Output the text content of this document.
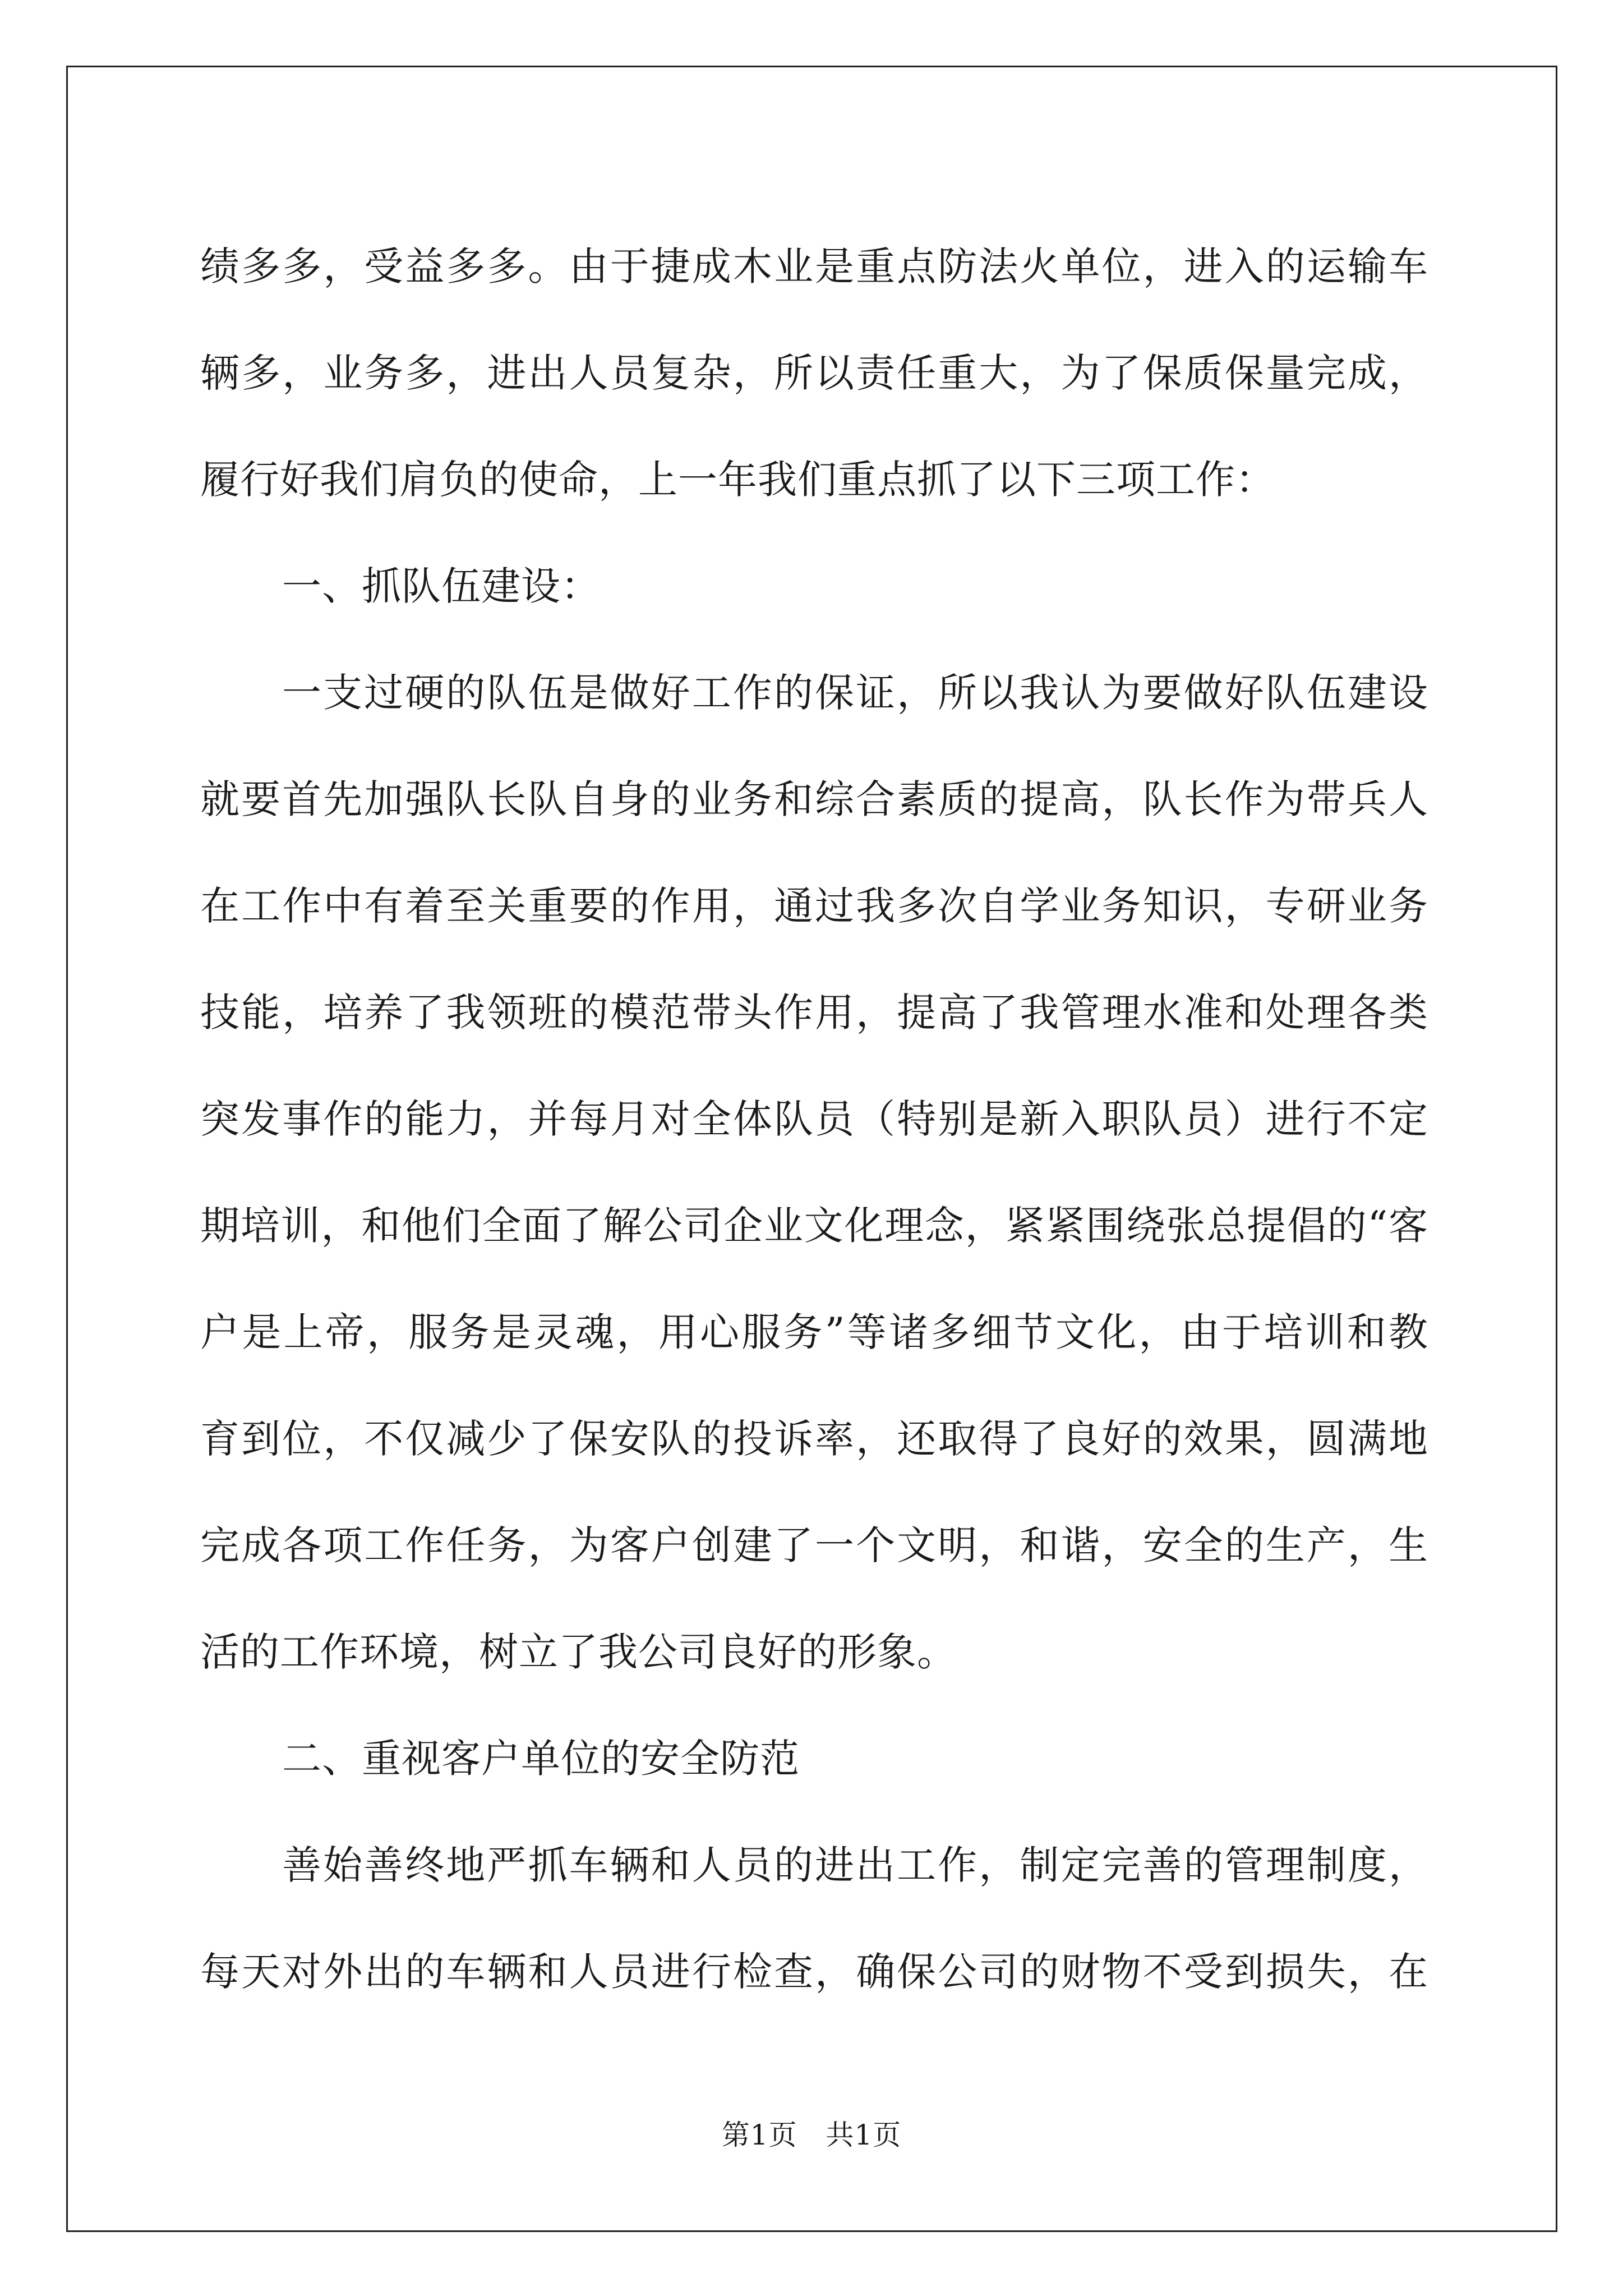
绩多多，受益多多。由于捷成木业是重点防法火单位，进入的运输车
辆多，业务多，进出人员复杂，所以责任重大，为了保质保量完成，
履行好我们肩负的使命，上一年我们重点抓了以下三项工作：
一、抓队伍建设：
一支过硬的队伍是做好工作的保证，所以我认为要做好队伍建设
就要首先加强队长队自身的业务和综合素质的提高，队长作为带兵人
在工作中有着至关重要的作用，通过我多次自学业务知识，专研业务
技能，培养了我领班的模范带头作用，提高了我管理水准和处理各类
突发事作的能力，并每月对全体队员（特别是新入职队员）进行不定
期培训，和他们全面了解公司企业文化理念，紧紧围绕张总提倡的“客
户是上帝，服务是灵魂，用心服务”等诸多细节文化，由于培训和教
育到位，不仅减少了保安队的投诉率，还取得了良好的效果，圆满地
完成各项工作任务，为客户创建了一个文明，和谐，安全的生产，生
活的工作环境，树立了我公司良好的形象。
二、重视客户单位的安全防范
善始善终地严抓车辆和人员的进出工作，制定完善的管理制度，
每天对外出的车辆和人员进行检查，确保公司的财物不受到损失，在
第1页　共1页
